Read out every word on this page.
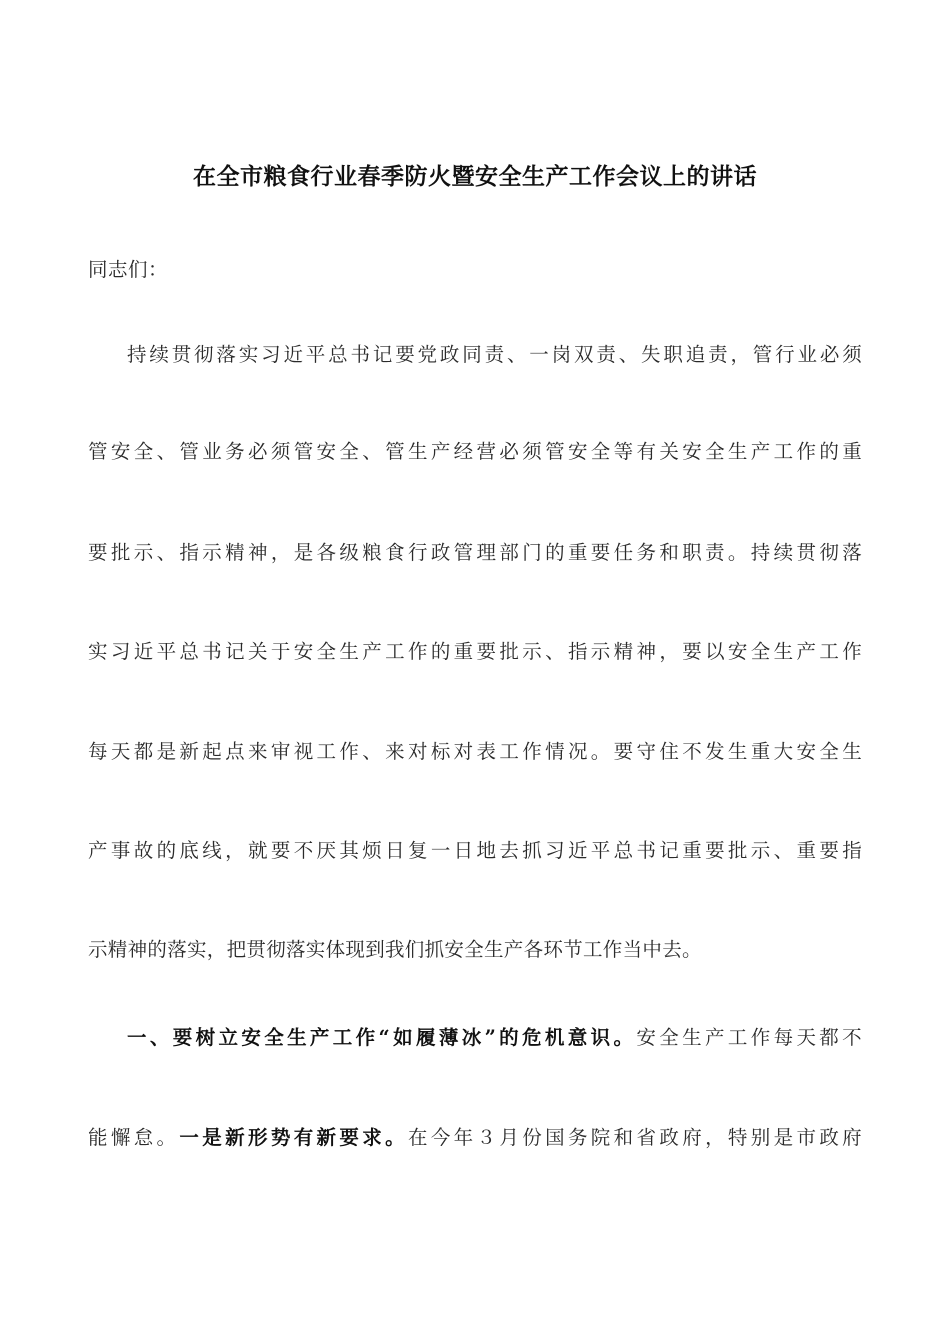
在全市粮食行业春季防火暨安全生产工作会议上的讲话
同志们：
持续贯彻落实习近平总书记要党政同责、一岗双责、失职追责，管行业必须
管安全、管业务必须管安全、管生产经营必须管安全等有关安全生产工作的重
要批示、指示精神，是各级粮食行政管理部门的重要任务和职责。持续贯彻落
实习近平总书记关于安全生产工作的重要批示、指示精神，要以安全生产工作
每天都是新起点来审视工作、来对标对表工作情况。要守住不发生重大安全生
产事故的底线，就要不厌其烦日复一日地去抓习近平总书记重要批示、重要指
示精神的落实，把贯彻落实体现到我们抓安全生产各环节工作当中去。
一、要树立安全生产工作“如履薄冰”的危机意识。安全生产工作每天都不
能懈怠。一是新形势有新要求。在今年３月份国务院和省政府，特别是市政府
